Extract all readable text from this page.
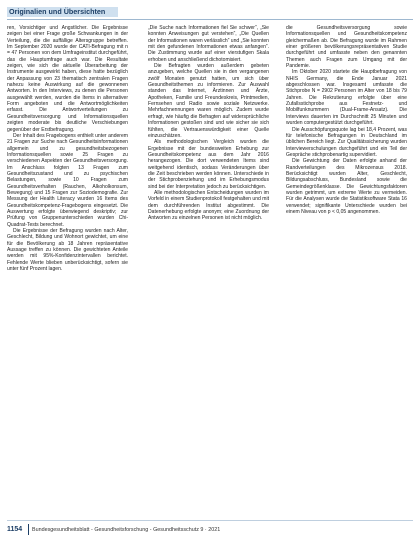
Originalien und Übersichten

ren, Vorsichtiger und Ängstlicher. Die Ergebnisse zeigen bei einer Frage große Schwankungen in der Verteilung, die die auffällige Altersgruppe betreffen. Im September 2020 wurde der CATI-Befragung mit n = 47 Personen von dem Umfrageinstitut durchgeführt, das die Hauptumfrage auch war. Die Resultate zeigen, wie sich die aktuelle Überarbeitung der Instrumente ausgewirkt haben, diese hatte bezüglich der Anpassung von 23 thematisch zentralen Fragen nahezu keine Auswirkung auf die gewonnenen Antworten. In den Interviews, zu denen die Personen ausgewählt werden, wurden die Items in alternativer Form angeboten und die Antwortmöglichkeiten erfasst. Die Antwortverteilungen zu Gesundheitsversorgung und Informationsquellen zeigten moderate bis deutliche Verschiebungen gegenüber der Erstbefragung.

Der Inhalt des Fragebogens enthielt unter anderem 21 Fragen zur Suche nach Gesundheitsinformationen allgemein und zu gesundheitsbezogenen Informationsquellen sowie 25 Fragen zu verschiedenen Aspekten der Gesundheitsversorgung. Im Anschluss folgten 13 Fragen zum Gesundheitszustand und zu psychischen Belastungen, sowie 10 Fragen zum Gesundheitsverhalten (Rauchen, Alkoholkonsum, Bewegung) und 15 Fragen zur Soziodemografie. Zur Messung der Health Literacy wurden 16 Items des Gesundheitskompetenz-Fragebogens eingesetzt. Die Auswertung erfolgte überwiegend deskriptiv; zur Prüfung von Gruppenunterschieden wurden Chi-Quadrat-Tests berechnet.

Die Ergebnisse der Befragung wurden nach Alter, Geschlecht, Bildung und Wohnort gewichtet, um eine für die Bevölkerung ab 18 Jahren repräsentative Aussage treffen zu können. Die gewichteten Anteile werden mit 95%-Konfidenzintervallen berichtet. Fehlende Werte blieben unberücksichtigt, sofern sie unter fünf Prozent lagen.

„Die Suche nach Informationen fiel Sie schwer“, „Sie konnten Anweisungen gut verstehen“, „Die Quellen der Informationen waren verlässlich“ und „Sie konnten mit den gefundenen Informationen etwas anfangen“. Die Zustimmung wurde auf einer vierstufigen Skala erhoben und anschließend dichotomisiert.

Die Befragten wurden außerdem gebeten anzugeben, welche Quellen sie in den vergangenen zwölf Monaten genutzt hatten, um sich über Gesundheitsthemen zu informieren. Zur Auswahl standen das Internet, Ärztinnen und Ärzte, Apotheken, Familie und Freundeskreis, Printmedien, Fernsehen und Radio sowie soziale Netzwerke. Mehrfachnennungen waren möglich. Zudem wurde erfragt, wie häufig die Befragten auf widersprüchliche Informationen gestoßen sind und wie sicher sie sich fühlten, die Vertrauenswürdigkeit einer Quelle einzuschätzen.

Als methodologischen Vergleich wurden die Ergebnisse mit der bundesweiten Erhebung zur Gesundheitskompetenz aus dem Jahr 2016 herangezogen. Die dort verwendeten Items sind weitgehend identisch, sodass Veränderungen über die Zeit beschrieben werden können. Unterschiede in der Stichprobenziehung und im Erhebungsmodus sind bei der Interpretation jedoch zu berücksichtigen.

Alle methodologischen Entscheidungen wurden im Vorfeld in einem Studienprotokoll festgehalten und mit dem durchführenden Institut abgestimmt. Die Datenerhebung erfolgte anonym; eine Zuordnung der Antworten zu einzelnen Personen ist nicht möglich.

die Gesundheitsversorgung sowie Informationsquellen und Gesundheitskompetenz gleichermaßen ab. Die Befragung wurde im Rahmen einer größeren bevölkerungsrepräsentativen Studie durchgeführt und umfasste neben den genannten Themen auch Fragen zum Umgang mit der Pandemie.

Im Oktober 2020 startete die Hauptbefragung von NHIS Germany, die Ende Januar 2021 abgeschlossen war. Insgesamt umfasste die Stichprobe N = 2902 Personen im Alter von 18 bis 79 Jahren. Die Rekrutierung erfolgte über eine Zufallsstichprobe aus Festnetz- und Mobilfunknummern (Dual-Frame-Ansatz). Die Interviews dauerten im Durchschnitt 25 Minuten und wurden computergestützt durchgeführt.

Die Ausschöpfungsquote lag bei 18,4 Prozent, was für telefonische Befragungen in Deutschland im üblichen Bereich liegt. Zur Qualitätssicherung wurden Interviewerschulungen durchgeführt und ein Teil der Gespräche stichprobenartig supervidiert.

Die Gewichtung der Daten erfolgte anhand der Randverteilungen des Mikrozensus 2018. Berücksichtigt wurden Alter, Geschlecht, Bildungsabschluss, Bundesland sowie die Gemeindegrößenklasse. Die Gewichtungsfaktoren wurden getrimmt, um extreme Werte zu vermeiden. Für die Analysen wurde die Statistiksoftware Stata 16 verwendet; signifikante Unterschiede wurden bei einem Niveau von p < 0,05 angenommen.

1154 Bundesgesundheitsblatt - Gesundheitsforschung - Gesundheitsschutz 9 · 2021
